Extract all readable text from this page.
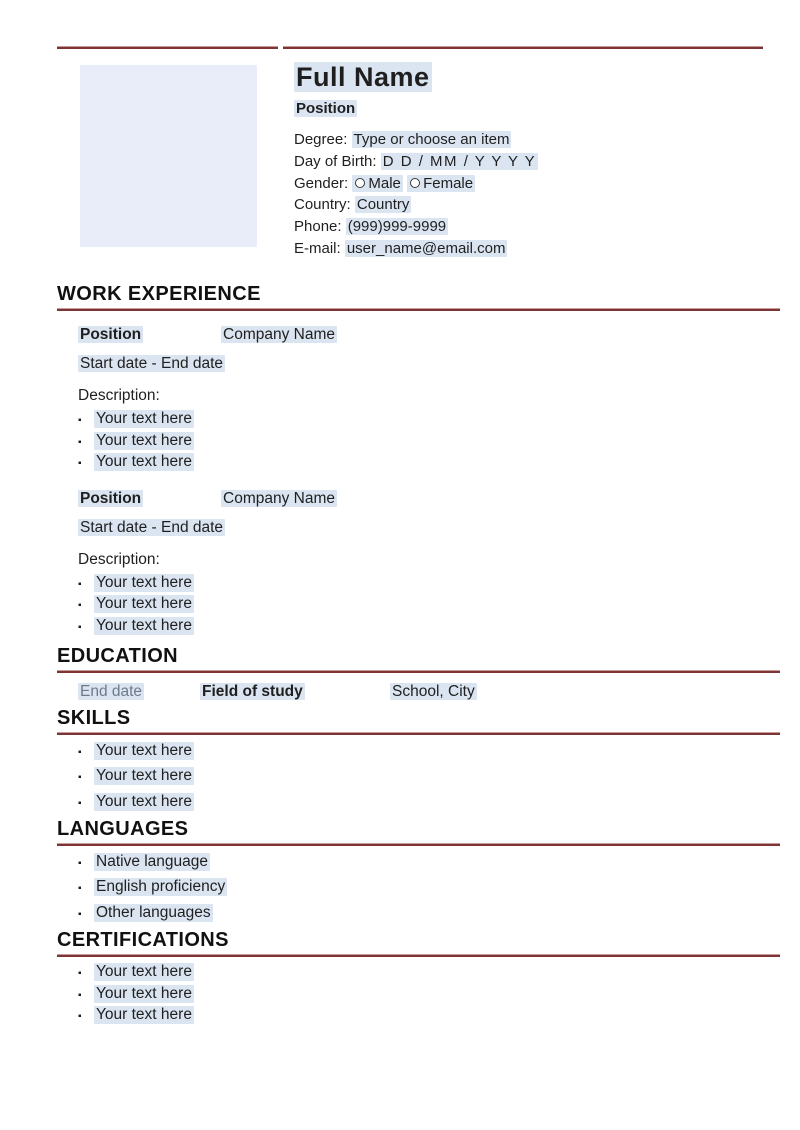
Full Name
Position
Degree: Type or choose an item
Day of Birth: D D / MM / Y Y Y Y
Gender: Male Female
Country: Country
Phone: (999)999-9999
E-mail: user_name@email.com
WORK EXPERIENCE
Position	Company Name
Start date - End date
Description:
▪ Your text here
▪ Your text here
▪ Your text here
Position	Company Name
Start date - End date
Description:
▪ Your text here
▪ Your text here
▪ Your text here
EDUCATION
End date	Field of study	School, City
SKILLS
▪ Your text here
▪ Your text here
▪ Your text here
LANGUAGES
▪ Native language
▪ English proficiency
▪ Other languages
CERTIFICATIONS
▪ Your text here
▪ Your text here
▪ Your text here
